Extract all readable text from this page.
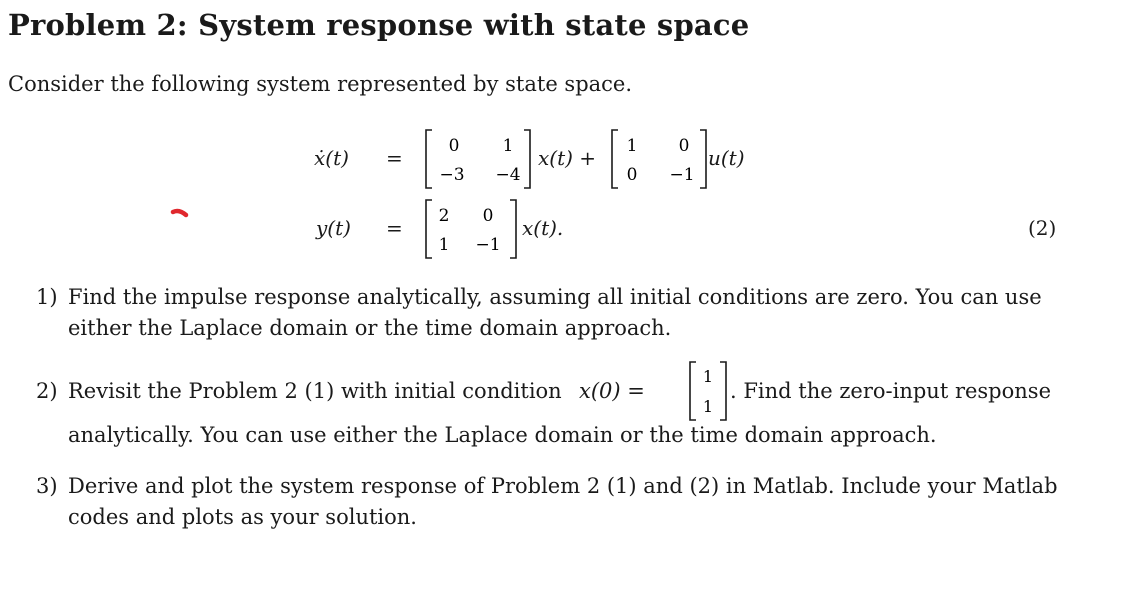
Problem 2: System response with state space
Consider the following system represented by state space.
ẋ(t) =	0	1
−3 −4
x(t) + 1 0
0 −1
u(t)
y(t) = 2 0
1 −1
x(t).	(2)
1) Find the impulse response analytically, assuming all initial conditions are zero. You can use
either the Laplace domain or the time domain approach.
2) Revisit the Problem 2 (1) with initial condition x(0) =
1
1
. Find the zero-input response
analytically. You can use either the Laplace domain or the time domain approach.
3) Derive and plot the system response of Problem 2 (1) and (2) in Matlab. Include your Matlab
codes and plots as your solution.
